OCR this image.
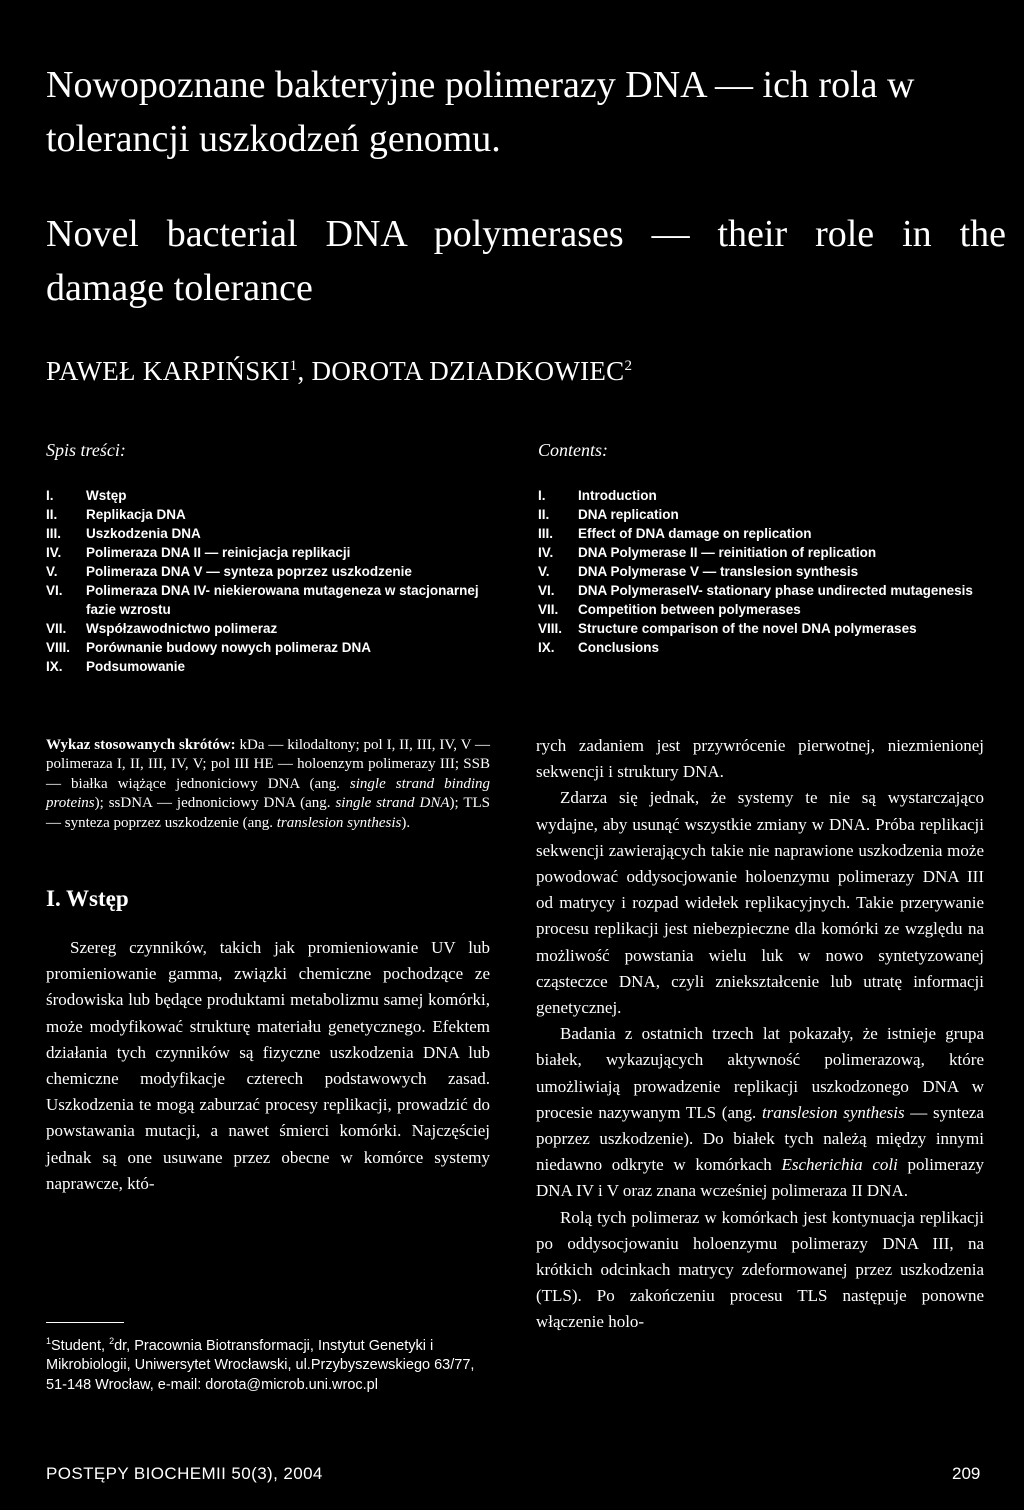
Nowopoznane bakteryjne polimerazy DNA — ich rola w tolerancji uszkodzeń genomu.
Novel bacterial DNA polymerases — their role in the
damage tolerance
PAWEŁ KARPIŃSKI$^1$, DOROTA DZIADKOWIEC$^2$
Spis treści:	Contents:
I.	Wstęp
II.	Replikacja DNA
III.	Uszkodzenia DNA
IV.	Polimeraza DNA II — reinicjacja replikacji
V.	Polimeraza DNA V — synteza poprzez uszkodzenie
VI.	Polimeraza DNA IV- niekierowana mutageneza w stacjonarnej fazie wzrostu
VII.	Współzawodnictwo polimeraz
VIII.	Porównanie budowy nowych polimeraz DNA
IX.	Podsumowanie
I.	Introduction
II.	DNA replication
III.	Effect of DNA damage on replication
IV.	DNA Polymerase II — reinitiation of replication
V.	DNA Polymerase V — translesion synthesis
VI.	DNA PolymeraseIV- stationary phase undirected mutagenesis
VII.	Competition between polymerases
VIII.	Structure comparison of the novel DNA polymerases
IX.	Conclusions
Wykaz stosowanych skrótów: kDa — kilodaltony; pol I, II, III, IV, V — polimeraza I, II, III, IV, V; pol III HE — holoenzym polimerazy III; SSB — białka wiążące jednoniciowy DNA (ang. single strand binding proteins); ssDNA — jednoniciowy DNA (ang. single strand DNA); TLS — synteza poprzez uszkodzenie (ang. translesion synthesis).
I. Wstęp

Szereg czynników, takich jak promieniowanie UV lub promieniowanie gamma, związki chemiczne pochodzące ze środowiska lub będące produktami metabolizmu samej komórki, może modyfikować strukturę materiału genetycznego. Efektem działania tych czynników są fizyczne uszkodzenia DNA lub chemiczne modyfikacje czterech podstawowych zasad. Uszkodzenia te mogą zaburzać procesy replikacji, prowadzić do powstawania mutacji, a nawet śmierci komórki. Najczęściej jednak są one usuwane przez obecne w komórce systemy naprawcze, któ-

rych zadaniem jest przywrócenie pierwotnej, niezmienionej sekwencji i struktury DNA.

Zdarza się jednak, że systemy te nie są wystarczająco wydajne, aby usunąć wszystkie zmiany w DNA. Próba replikacji sekwencji zawierających takie nie naprawione uszkodzenia może powodować oddysocjowanie holoenzymu polimerazy DNA III od matrycy i rozpad widełek replikacyjnych. Takie przerywanie procesu replikacji jest niebezpieczne dla komórki ze względu na możliwość powstania wielu luk w nowo syntetyzowanej cząsteczce DNA, czyli zniekształcenie lub utratę informacji genetycznej.

Badania z ostatnich trzech lat pokazały, że istnieje grupa białek, wykazujących aktywność polimerazową, które umożliwiają prowadzenie replikacji uszkodzonego DNA w procesie nazywanym TLS (ang. translesion synthesis — synteza poprzez uszkodzenie). Do białek tych należą między innymi niedawno odkryte w komórkach Escherichia coli polimerazy DNA IV i V oraz znana wcześniej polimeraza II DNA.

Rolą tych polimeraz w komórkach jest kontynuacja replikacji po oddysocjowaniu holoenzymu polimerazy DNA III, na krótkich odcinkach matrycy zdeformowanej przez uszkodzenia (TLS). Po zakończeniu procesu TLS następuje ponowne włączenie holo-

$^1$Student, $^2$dr, Pracownia Biotransformacji, Instytut Genetyki i Mikrobiologii, Uniwersytet Wrocławski, ul.Przybyszewskiego 63/77, 51-148 Wrocław, e-mail: dorota@microb.uni.wroc.pl
POSTĘPY BIOCHEMII 50(3), 2004	209
